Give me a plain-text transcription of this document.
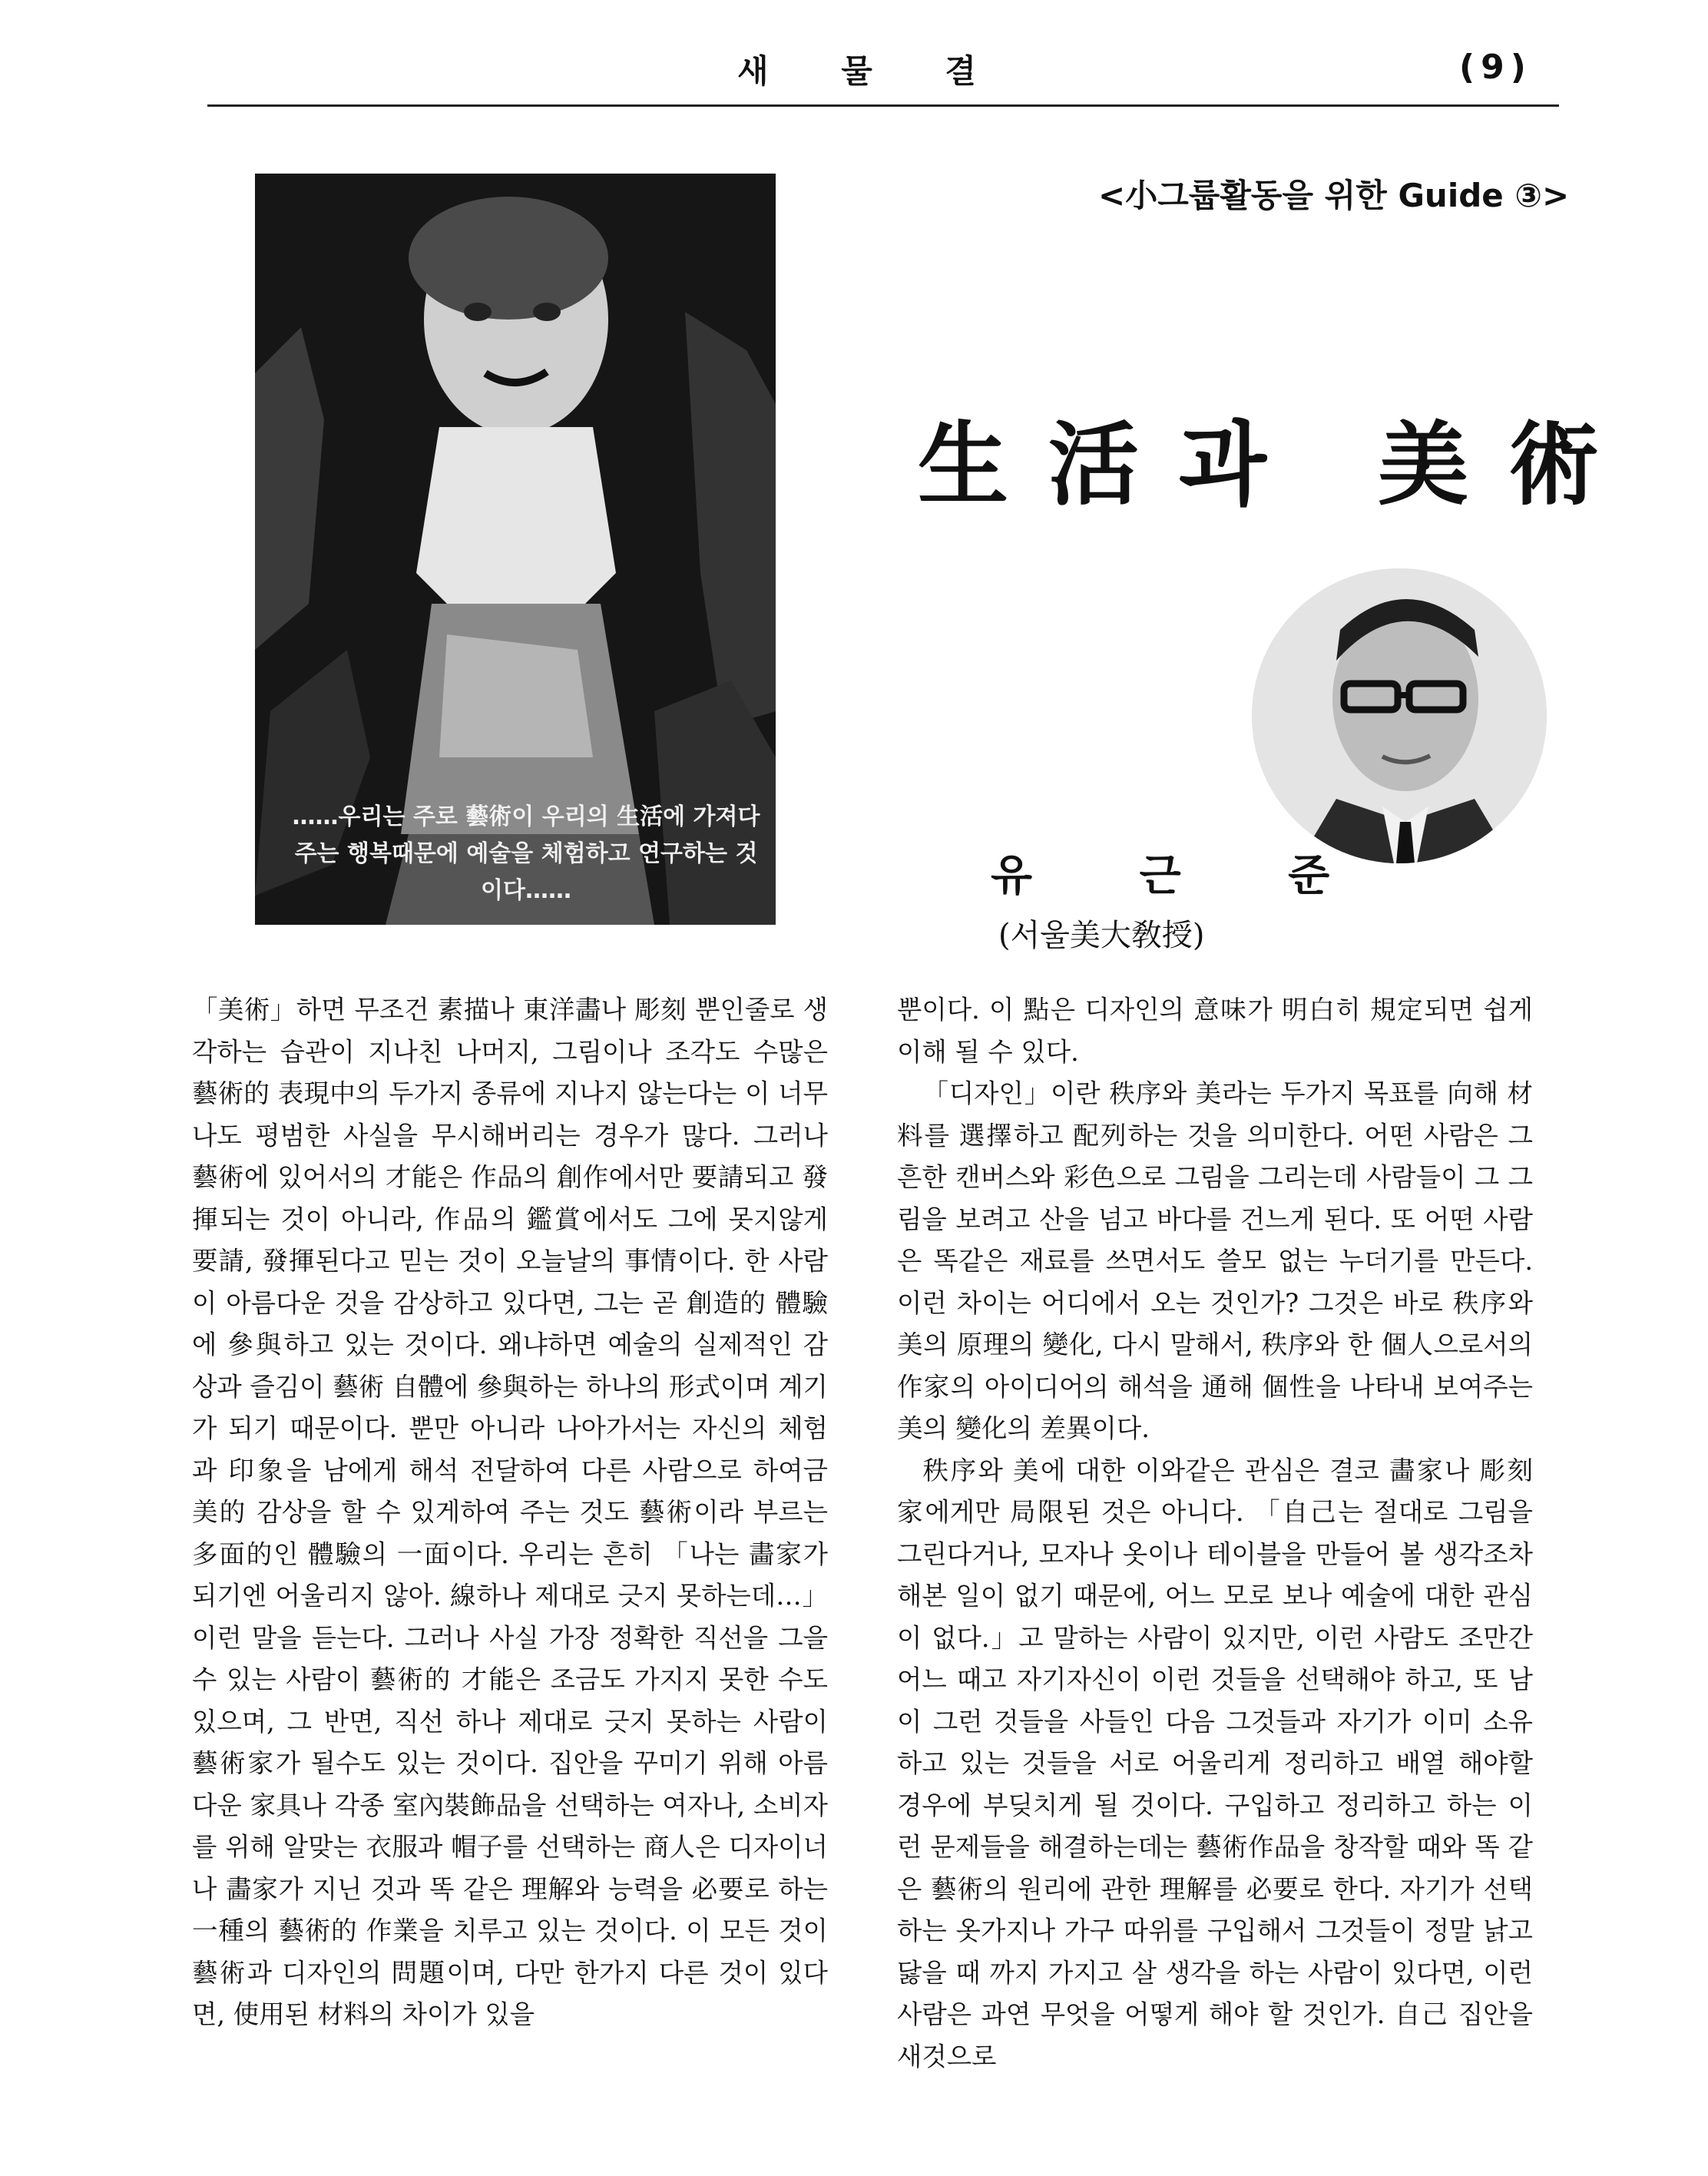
새 물 결	(9)
……우리는 주로 藝術이 우리의 生活에 가져다 주는 행복때문에 예술을 체험하고 연구하는 것이다……
<小그룹활동을 위한 Guide ③>
生活과 美術
유 근 준
(서울美大敎授)

「美術」하면 무조건 素描나 東洋畵나 彫刻 뿐인줄로 생각하는 습관이 지나친 나머지, 그림이나 조각도 수많은 藝術的 表現中의 두가지 종류에 지나지 않는다는 이 너무나도 평범한 사실을 무시해버리는 경우가 많다. 그러나 藝術에 있어서의 才能은 作品의 創作에서만 要請되고 發揮되는 것이 아니라, 作品의 鑑賞에서도 그에 못지않게 要請, 發揮된다고 믿는 것이 오늘날의 事情이다. 한 사람이 아름다운 것을 감상하고 있다면, 그는 곧 創造的 體驗에 參與하고 있는 것이다. 왜냐하면 예술의 실제적인 감상과 즐김이 藝術 自體에 參與하는 하나의 形式이며 계기가 되기 때문이다. 뿐만 아니라 나아가서는 자신의 체험과 印象을 남에게 해석 전달하여 다른 사람으로 하여금 美的 감상을 할 수 있게하여 주는 것도 藝術이라 부르는 多面的인 體驗의 一面이다. 우리는 흔히 「나는 畵家가 되기엔 어울리지 않아. 線하나 제대로 긋지 못하는데…」이런 말을 듣는다. 그러나 사실 가장 정확한 직선을 그을수 있는 사람이 藝術的 才能은 조금도 가지지 못한 수도 있으며, 그 반면, 직선 하나 제대로 긋지 못하는 사람이 藝術家가 될수도 있는 것이다. 집안을 꾸미기 위해 아름다운 家具나 각종 室內裝飾品을 선택하는 여자나, 소비자를 위해 알맞는 衣服과 帽子를 선택하는 商人은 디자이너나 畵家가 지닌 것과 똑 같은 理解와 능력을 必要로 하는 一種의 藝術的 作業을 치루고 있는 것이다. 이 모든 것이 藝術과 디자인의 問題이며, 다만 한가지 다른 것이 있다면, 使用된 材料의 차이가 있을

뿐이다. 이 點은 디자인의 意味가 明白히 規定되면 쉽게 이해 될 수 있다.

「디자인」이란 秩序와 美라는 두가지 목표를 向해 材料를 選擇하고 配列하는 것을 의미한다. 어떤 사람은 그 흔한 캔버스와 彩色으로 그림을 그리는데 사람들이 그 그림을 보려고 산을 넘고 바다를 건느게 된다. 또 어떤 사람은 똑같은 재료를 쓰면서도 쓸모 없는 누더기를 만든다. 이런 차이는 어디에서 오는 것인가? 그것은 바로 秩序와 美의 原理의 變化, 다시 말해서, 秩序와 한 個人으로서의 作家의 아이디어의 해석을 通해 個性을 나타내 보여주는 美의 變化의 差異이다.

秩序와 美에 대한 이와같은 관심은 결코 畵家나 彫刻家에게만 局限된 것은 아니다. 「自己는 절대로 그림을 그린다거나, 모자나 옷이나 테이블을 만들어 볼 생각조차 해본 일이 없기 때문에, 어느 모로 보나 예술에 대한 관심이 없다.」고 말하는 사람이 있지만, 이런 사람도 조만간 어느 때고 자기자신이 이런 것들을 선택해야 하고, 또 남이 그런 것들을 사들인 다음 그것들과 자기가 이미 소유하고 있는 것들을 서로 어울리게 정리하고 배열 해야할 경우에 부딪치게 될 것이다. 구입하고 정리하고 하는 이런 문제들을 해결하는데는 藝術作品을 창작할 때와 똑 같은 藝術의 원리에 관한 理解를 必要로 한다. 자기가 선택하는 옷가지나 가구 따위를 구입해서 그것들이 정말 낡고 닳을 때 까지 가지고 살 생각을 하는 사람이 있다면, 이런 사람은 과연 무엇을 어떻게 해야 할 것인가. 自己 집안을 새것으로
